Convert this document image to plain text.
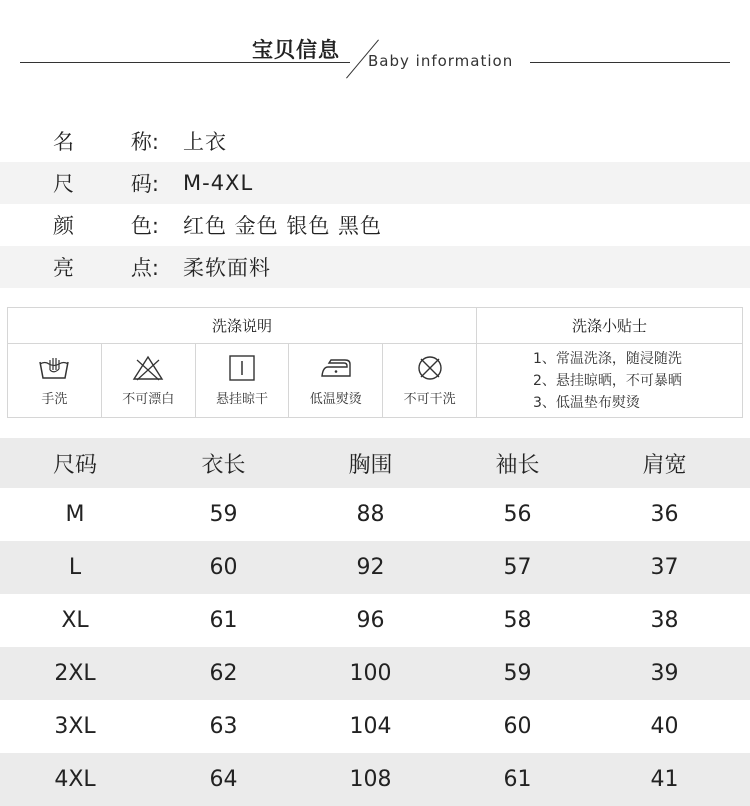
宝贝信息 Baby information
名	称:	上衣
尺	码:	M-4XL
颜	色:	红色 金色 银色 黑色
亮	点:	柔软面料
洗涤说明	洗涤小贴士
手洗	不可漂白	悬挂晾干	低温熨烫	不可干洗
1、常温洗涤，随浸随洗
2、悬挂晾晒，不可暴晒
3、低温垫布熨烫
尺码	衣长	胸围	袖长	肩宽
M	59	88	56	36
L	60	92	57	37
XL	61	96	58	38
2XL	62	100	59	39
3XL	63	104	60	40
4XL	64	108	61	41
